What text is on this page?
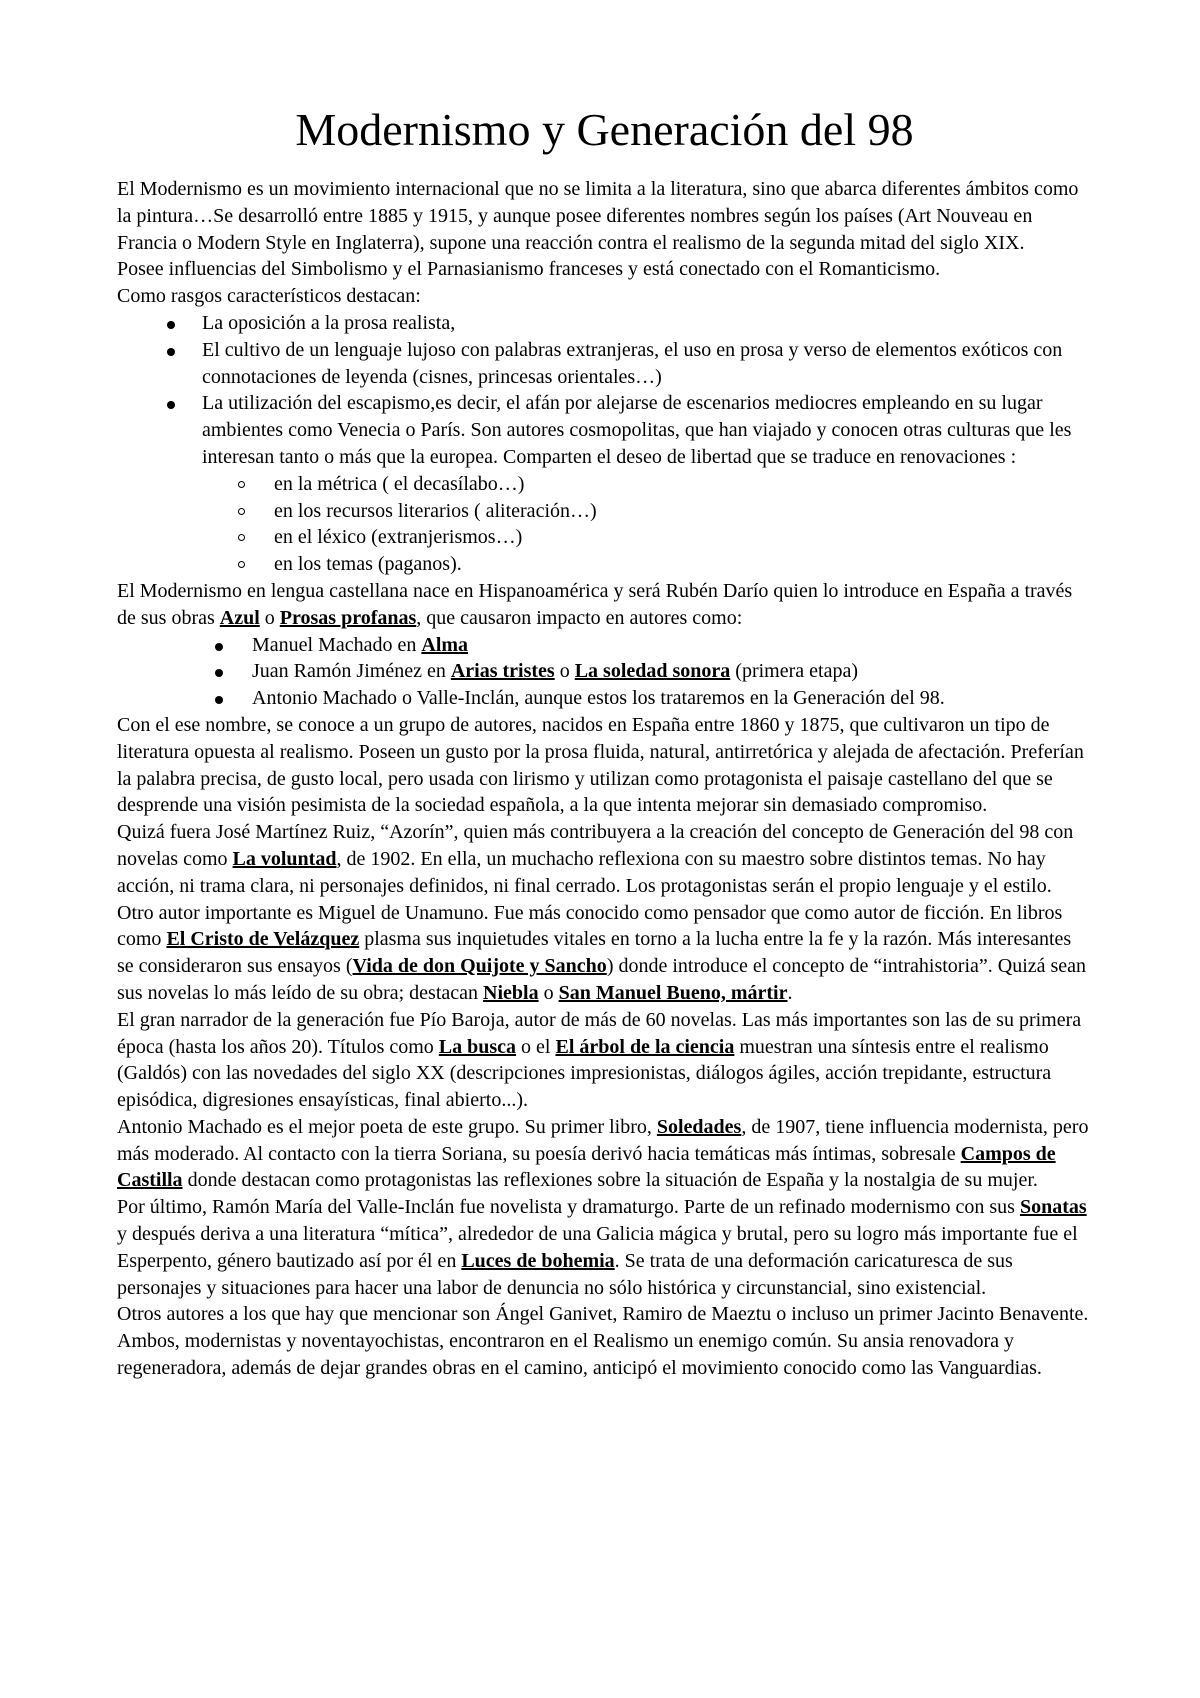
Modernismo y Generación del 98

El Modernismo es un movimiento internacional que no se limita a la literatura, sino que abarca diferentes ámbitos como la pintura…Se desarrolló entre 1885 y 1915, y aunque posee diferentes nombres según los países (Art Nouveau en Francia o Modern Style en Inglaterra), supone una reacción contra el realismo de la segunda mitad del siglo XIX.

Posee influencias del Simbolismo y el Parnasianismo franceses y está conectado con el Romanticismo.

Como rasgos característicos destacan:

La oposición a la prosa realista,
El cultivo de un lenguaje lujoso con palabras extranjeras, el uso en prosa y verso de elementos exóticos con connotaciones de leyenda (cisnes, princesas orientales…)
La utilización del escapismo,es decir, el afán por alejarse de escenarios mediocres empleando en su lugar ambientes como Venecia o París. Son autores cosmopolitas, que han viajado y conocen otras culturas que les interesan tanto o más que la europea. Comparten el deseo de libertad que se traduce en renovaciones :
en la métrica ( el decasílabo…)
en los recursos literarios ( aliteración…)
en el léxico (extranjerismos…)
en los temas (paganos).

El Modernismo en lengua castellana nace en Hispanoamérica y será Rubén Darío quien lo introduce en España a través de sus obras Azul o Prosas profanas, que causaron impacto en autores como:

Manuel Machado en Alma
Juan Ramón Jiménez en Arias tristes o La soledad sonora (primera etapa)
Antonio Machado o Valle-Inclán, aunque estos los trataremos en la Generación del 98.

Con el ese nombre, se conoce a un grupo de autores, nacidos en España entre 1860 y 1875, que cultivaron un tipo de literatura opuesta al realismo. Poseen un gusto por la prosa fluida, natural, antirretórica y alejada de afectación. Preferían la palabra precisa, de gusto local, pero usada con lirismo y utilizan como protagonista el paisaje castellano del que se desprende una visión pesimista de la sociedad española, a la que intenta mejorar sin demasiado compromiso.

Quizá fuera José Martínez Ruiz, “Azorín”, quien más contribuyera a la creación del concepto de Generación del 98 con novelas como La voluntad, de 1902. En ella, un muchacho reflexiona con su maestro sobre distintos temas. No hay acción, ni trama clara, ni personajes definidos, ni final cerrado. Los protagonistas serán el propio lenguaje y el estilo.

Otro autor importante es Miguel de Unamuno. Fue más conocido como pensador que como autor de ficción. En libros como El Cristo de Velázquez plasma sus inquietudes vitales en torno a la lucha entre la fe y la razón. Más interesantes se consideraron sus ensayos (Vida de don Quijote y Sancho) donde introduce el concepto de “intrahistoria”. Quizá sean sus novelas lo más leído de su obra; destacan Niebla o San Manuel Bueno, mártir.

El gran narrador de la generación fue Pío Baroja, autor de más de 60 novelas. Las más importantes son las de su primera época (hasta los años 20). Títulos como La busca o el El árbol de la ciencia muestran una síntesis entre el realismo (Galdós) con las novedades del siglo XX (descripciones impresionistas, diálogos ágiles, acción trepidante, estructura episódica, digresiones ensayísticas, final abierto...).

Antonio Machado es el mejor poeta de este grupo. Su primer libro, Soledades, de 1907, tiene influencia modernista, pero más moderado. Al contacto con la tierra Soriana, su poesía derivó hacia temáticas más íntimas, sobresale Campos de Castilla donde destacan como protagonistas las reflexiones sobre la situación de España y la nostalgia de su mujer.

Por último, Ramón María del Valle-Inclán fue novelista y dramaturgo. Parte de un refinado modernismo con sus Sonatas y después deriva a una literatura “mítica”, alrededor de una Galicia mágica y brutal, pero su logro más importante fue el Esperpento, género bautizado así por él en Luces de bohemia. Se trata de una deformación caricaturesca de sus personajes y situaciones para hacer una labor de denuncia no sólo histórica y circunstancial, sino existencial.

Otros autores a los que hay que mencionar son Ángel Ganivet, Ramiro de Maeztu o incluso un primer Jacinto Benavente.

Ambos, modernistas y noventayochistas, encontraron en el Realismo un enemigo común. Su ansia renovadora y regeneradora, además de dejar grandes obras en el camino, anticipó el movimiento conocido como las Vanguardias.
